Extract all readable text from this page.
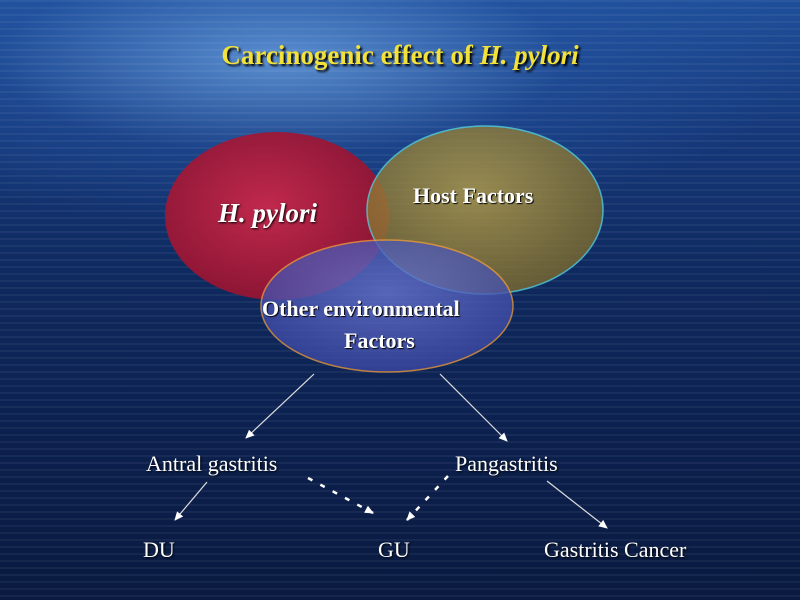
Carcinogenic effect of H. pylori
H. pylori
Host Factors
Other environmental
Factors
Antral gastritis	Pangastritis
DU	GU	Gastritis Cancer
